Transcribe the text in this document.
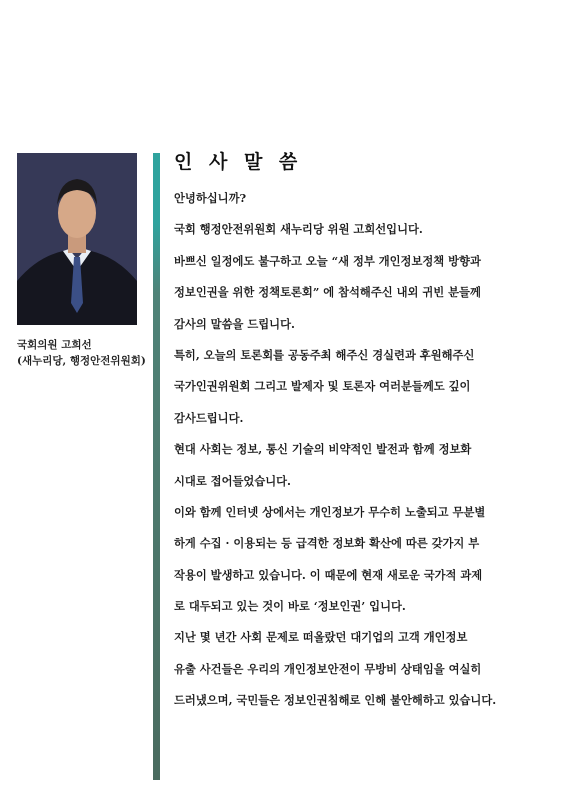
국회의원 고희선
(새누리당, 행정안전위원회)
인 사 말 씀
안녕하십니까?
국회 행정안전위원회 새누리당 위원 고희선입니다.
바쁘신 일정에도 불구하고 오늘 “새 정부 개인정보정책 방향과
정보인권을 위한 정책토론회” 에 참석해주신 내외 귀빈 분들께
감사의 말씀을 드립니다.
특히, 오늘의 토론회를 공동주최 해주신 경실련과 후원해주신
국가인권위원회 그리고 발제자 및 토론자 여러분들께도 깊이
감사드립니다.
현대 사회는 정보, 통신 기술의 비약적인 발전과 함께 정보화
시대로 접어들었습니다.
이와 함께 인터넷 상에서는 개인정보가 무수히 노출되고 무분별
하게 수집 · 이용되는 등 급격한 정보화 확산에 따른 갖가지 부
작용이 발생하고 있습니다. 이 때문에 현재 새로운 국가적 과제
로 대두되고 있는 것이 바로 ‘정보인권’ 입니다.
지난 몇 년간 사회 문제로 떠올랐던 대기업의 고객 개인정보
유출 사건들은 우리의 개인정보안전이 무방비 상태임을 여실히
드러냈으며, 국민들은 정보인권침해로 인해 불안해하고 있습니다.
